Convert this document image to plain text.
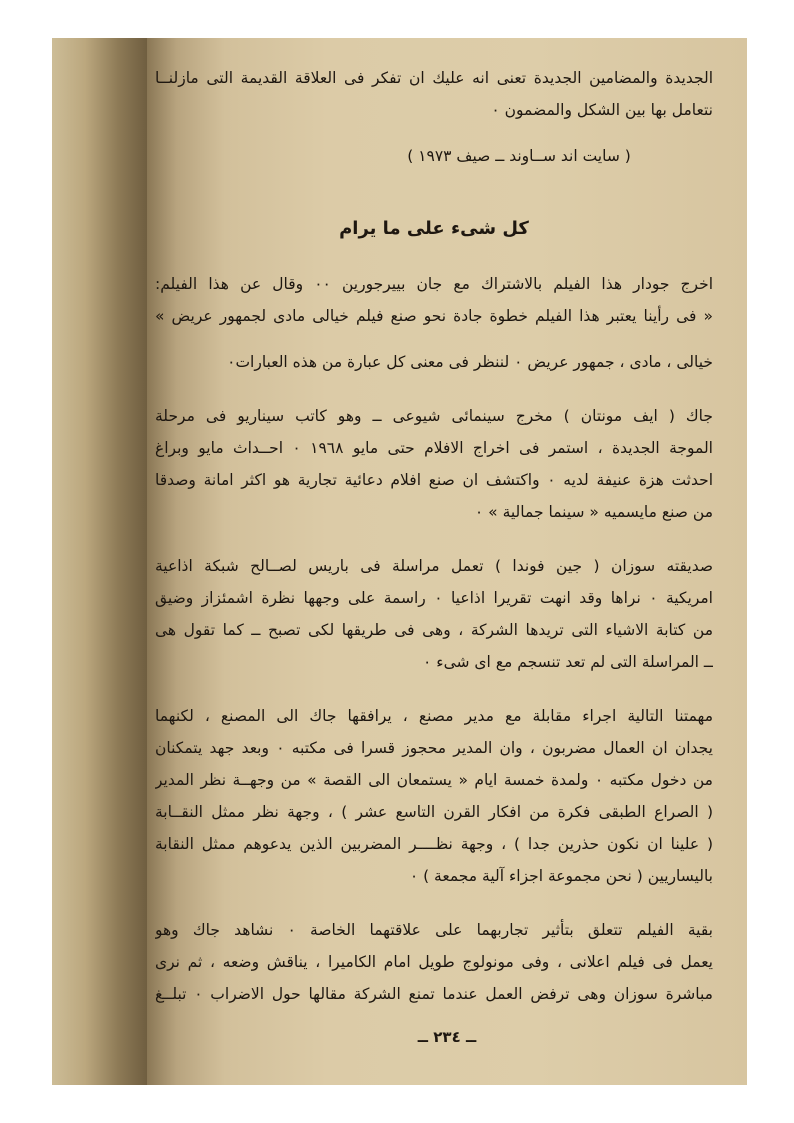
الجديدة والمضامين الجديدة تعنى انه عليك ان تفكر فى العلاقة القديمة التى مازلنــا
نتعامل بها بين الشكل والمضمون ٠
( سايت اند ســاوند ــ صيف ١٩٧٣ )
كل شىء على ما يرام
اخرج جودار هذا الفيلم بالاشتراك مع جان بييرجورين ٠٠ وقال عن هذا الفيلم:
« فى رأينا يعتبر هذا الفيلم خطوة جادة نحو صنع فيلم خيالى مادى لجمهور عريض »
خيالى ، مادى ، جمهور عريض ٠ لننظر فى معنى كل عبارة من هذه العبارات٠
جاك ( ايف مونتان ) مخرج سينمائى شيوعى ــ وهو كاتب سيناريو فى مرحلة
الموجة الجديدة ، استمر فى اخراج الافلام حتى مايو ١٩٦٨ ٠ احــداث مايو وبراغ
احدثت هزة عنيفة لديه ٠ واكتشف ان صنع افلام دعائية تجارية هو اكثر امانة وصدقا
من صنع مايسميه « سينما جمالية » ٠
صديقته سوزان ( جين فوندا ) تعمل مراسلة فى باريس لصــالح شبكة اذاعية
امريكية ٠ نراها وقد انهت تقريرا اذاعيا ٠ راسمة على وجهها نظرة اشمئزاز وضيق
من كتابة الاشياء التى تريدها الشركة ، وهى فى طريقها لكى تصبح ــ كما تقول هى
ــ المراسلة التى لم تعد تنسجم مع اى شىء ٠
مهمتنا التالية اجراء مقابلة مع مدير مصنع ، يرافقها جاك الى المصنع ، لكنهما
يجدان ان العمال مضربون ، وان المدير محجوز قسرا فى مكتبه ٠ وبعد جهد يتمكنان
من دخول مكتبه ٠ ولمدة خمسة ايام « يستمعان الى القصة » من وجهــة نظر المدير
( الصراع الطبقى فكرة من افكار القرن التاسع عشر ) ، وجهة نظر ممثل النقــابة
( علينا ان نكون حذرين جدا ) ، وجهة نظــــر المضربين الذين يدعوهم ممثل النقابة
باليساريين ( نحن مجموعة اجزاء آلية مجمعة ) ٠
بقية الفيلم تتعلق بتأثير تجاربهما على علاقتهما الخاصة ٠ نشاهد جاك وهو
يعمل فى فيلم اعلانى ، وفى مونولوج طويل امام الكاميرا ، يناقش وضعه ، ثم نرى
مباشرة سوزان وهى ترفض العمل عندما تمنع الشركة مقالها حول الاضراب ٠ تبلــغ
ــ ٢٣٤ ــ
